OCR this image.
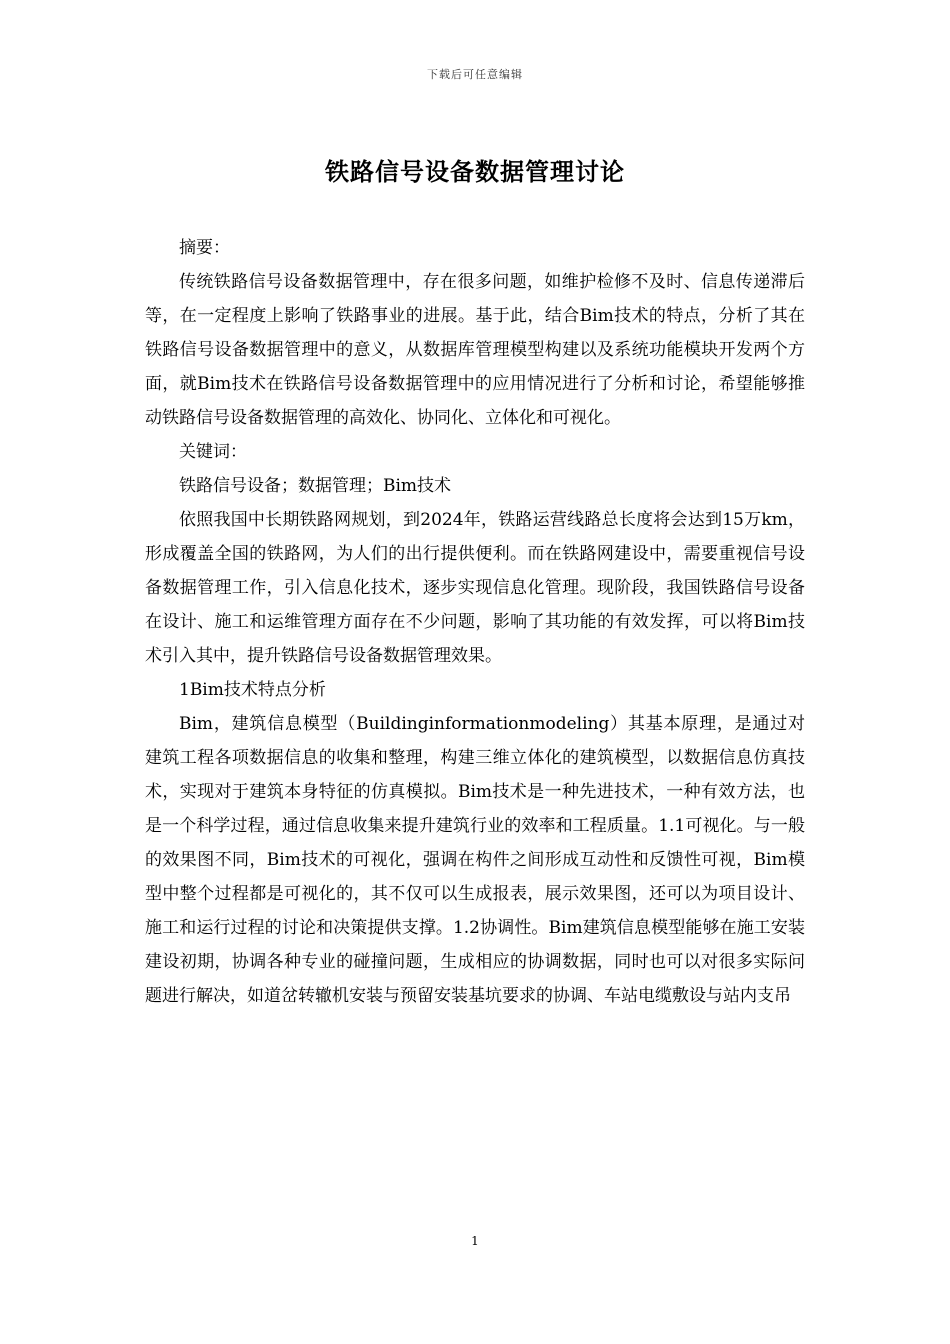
下载后可任意编辑
铁路信号设备数据管理讨论

摘要：

传统铁路信号设备数据管理中，存在很多问题，如维护检修不及时、信息传递滞后等，在一定程度上影响了铁路事业的进展。基于此，结合Bim技术的特点，分析了其在铁路信号设备数据管理中的意义，从数据库管理模型构建以及系统功能模块开发两个方面，就Bim技术在铁路信号设备数据管理中的应用情况进行了分析和讨论，希望能够推动铁路信号设备数据管理的高效化、协同化、立体化和可视化。

关键词：

铁路信号设备；数据管理；Bim技术

依照我国中长期铁路网规划，到2024年，铁路运营线路总长度将会达到15万km，形成覆盖全国的铁路网，为人们的出行提供便利。而在铁路网建设中，需要重视信号设备数据管理工作，引入信息化技术，逐步实现信息化管理。现阶段，我国铁路信号设备在设计、施工和运维管理方面存在不少问题，影响了其功能的有效发挥，可以将Bim技术引入其中，提升铁路信号设备数据管理效果。

1Bim技术特点分析

Bim，建筑信息模型（Buildinginformationmodeling）其基本原理，是通过对建筑工程各项数据信息的收集和整理，构建三维立体化的建筑模型，以数据信息仿真技术，实现对于建筑本身特征的仿真模拟。Bim技术是一种先进技术，一种有效方法，也是一个科学过程，通过信息收集来提升建筑行业的效率和工程质量。1.1可视化。与一般的效果图不同，Bim技术的可视化，强调在构件之间形成互动性和反馈性可视，Bim模型中整个过程都是可视化的，其不仅可以生成报表，展示效果图，还可以为项目设计、施工和运行过程的讨论和决策提供支撑。1.2协调性。Bim建筑信息模型能够在施工安装建设初期，协调各种专业的碰撞问题，生成相应的协调数据，同时也可以对很多实际问题进行解决，如道岔转辙机安装与预留安装基坑要求的协调、车站电缆敷设与站内支吊

1
